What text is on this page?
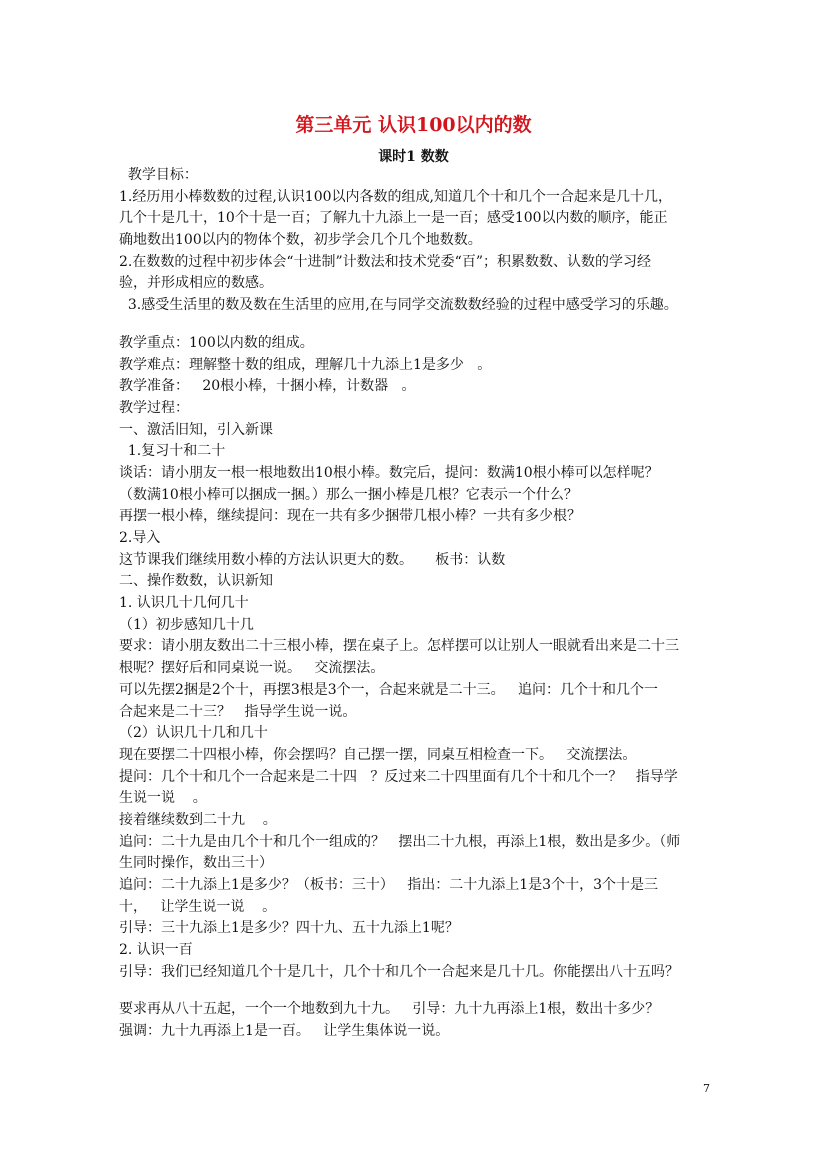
第三单元 认识100以内的数
课时1 数数
教学目标：
1.经历用小棒数数的过程,认识100以内各数的组成,知道几个十和几个一合起来是几十几，
几个十是几十，10个十是一百；了解九十九添上一是一百；感受100以内数的顺序，能正
确地数出100以内的物体个数，初步学会几个几个地数数。
2.在数数的过程中初步体会“十进制”计数法和技术党委“百”；积累数数、认数的学习经
验，并形成相应的数感。
3.感受生活里的数及数在生活里的应用,在与同学交流数数经验的过程中感受学习的乐趣。
教学重点：100以内数的组成。
教学难点：理解整十数的组成，理解几十九添上1是多少   。
教学准备：   20根小棒，十捆小棒，计数器   。
教学过程：
一、激活旧知，引入新课
1.复习十和二十
谈话：请小朋友一根一根地数出10根小棒。数完后，提问：数满10根小棒可以怎样呢？
（数满10根小棒可以捆成一捆。）那么一捆小棒是几根？它表示一个什么？
再摆一根小棒，继续提问：现在一共有多少捆带几根小棒？一共有多少根？
2.导入
这节课我们继续用数小棒的方法认识更大的数。     板书：认数
二、操作数数，认识新知
1. 认识几十几何几十
（1）初步感知几十几
要求：请小朋友数出二十三根小棒，摆在桌子上。怎样摆可以让别人一眼就看出来是二十三
根呢？摆好后和同桌说一说。   交流摆法。
可以先摆2捆是2个十，再摆3根是3个一，合起来就是二十三。   追问：几个十和几个一
合起来是二十三？   指导学生说一说。
（2）认识几十几和几十
现在要摆二十四根小棒，你会摆吗？自己摆一摆，同桌互相检查一下。   交流摆法。
提问：几个十和几个一合起来是二十四   ？反过来二十四里面有几个十和几个一？   指导学
生说一说    。
接着继续数到二十九    。
追问：二十九是由几个十和几个一组成的？   摆出二十九根，再添上1根，数出是多少。（师
生同时操作，数出三十）
追问：二十九添上1是多少？（板书：三十）   指出：二十九添上1是3个十，3个十是三
十，   让学生说一说    。
引导：三十九添上1是多少？四十九、五十九添上1呢？
2. 认识一百
引导：我们已经知道几个十是几十，几个十和几个一合起来是几十几。你能摆出八十五吗？
要求再从八十五起，一个一个地数到九十九。   引导：九十九再添上1根，数出十多少？
强调：九十九再添上1是一百。   让学生集体说一说。
7
